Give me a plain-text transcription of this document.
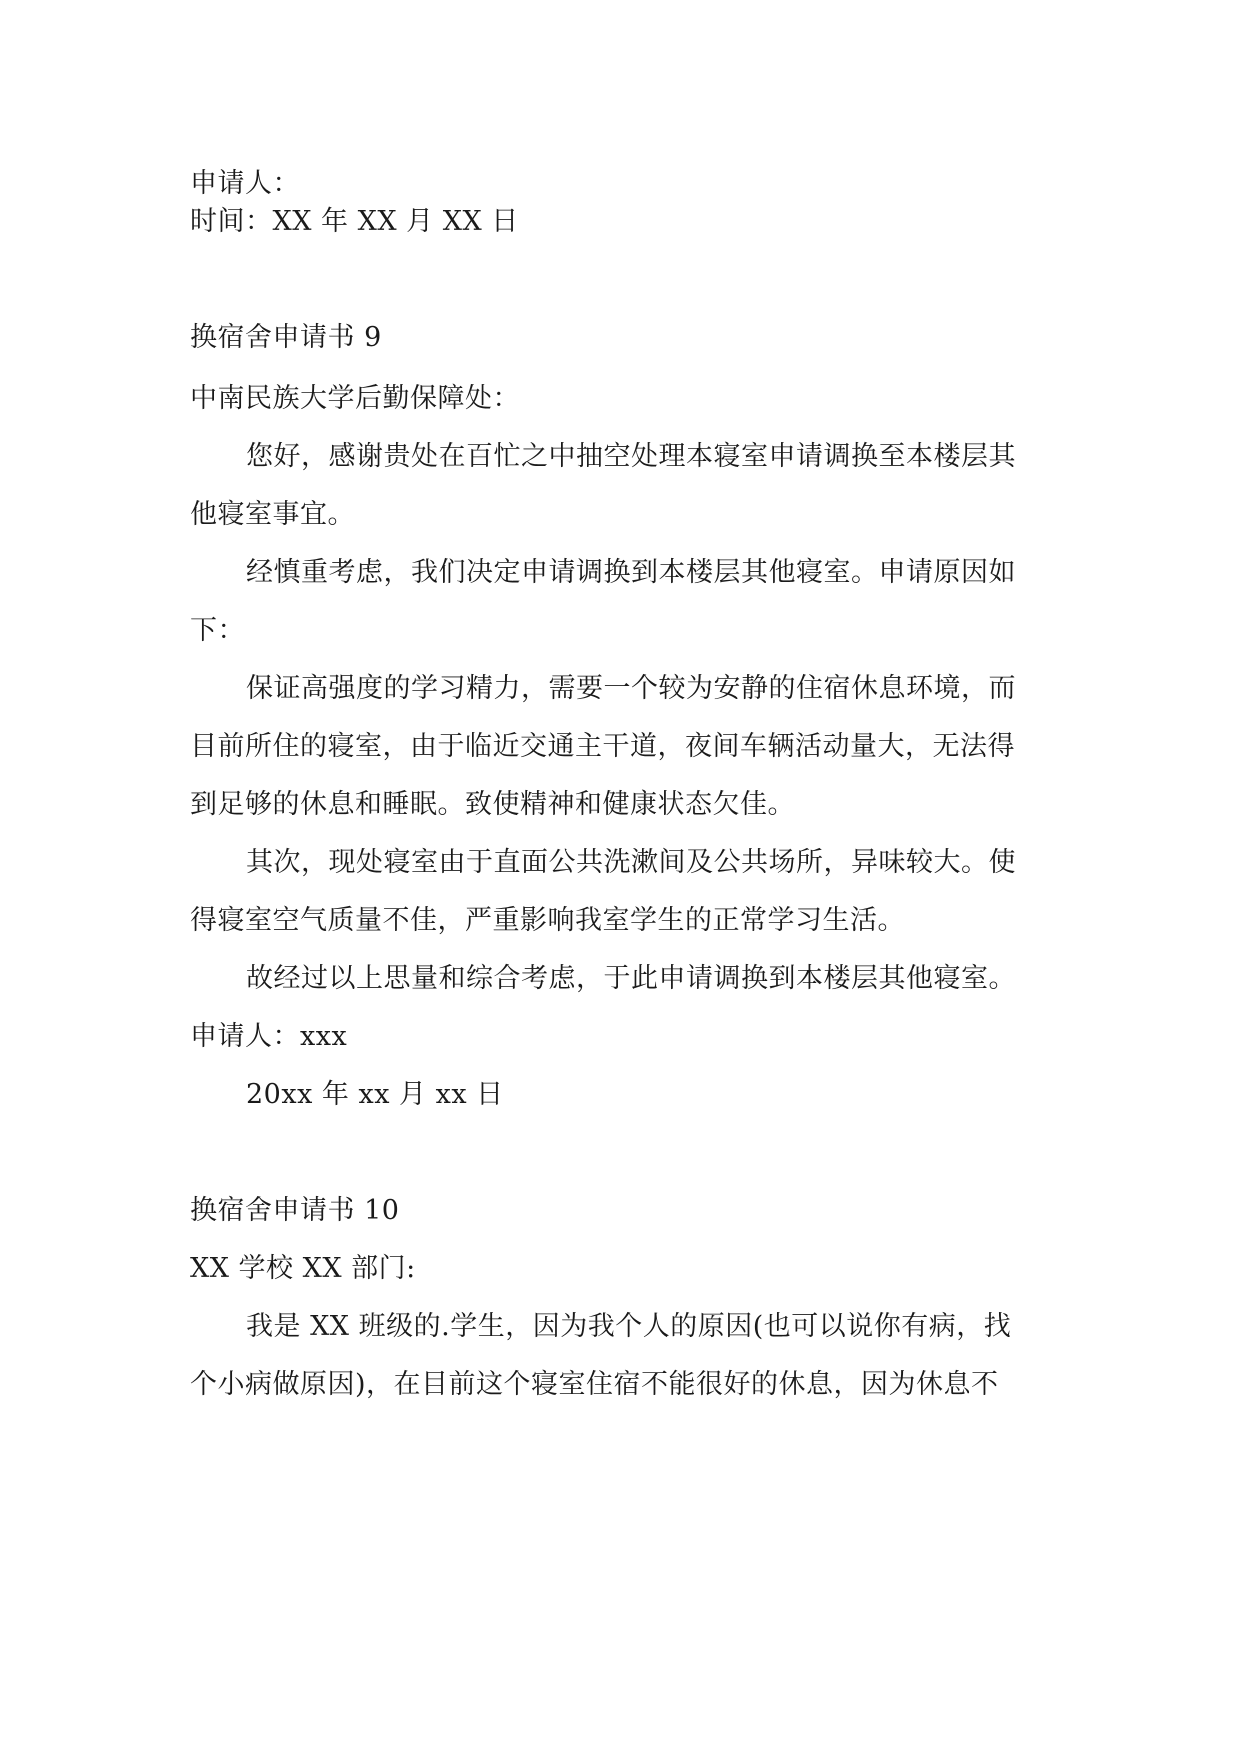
申请人：
时间：XX 年 XX 月 XX 日
换宿舍申请书 9
中南民族大学后勤保障处：
您好，感谢贵处在百忙之中抽空处理本寝室申请调换至本楼层其
他寝室事宜。
经慎重考虑，我们决定申请调换到本楼层其他寝室。申请原因如
下：
保证高强度的学习精力，需要一个较为安静的住宿休息环境，而
目前所住的寝室，由于临近交通主干道，夜间车辆活动量大，无法得
到足够的休息和睡眠。致使精神和健康状态欠佳。
其次，现处寝室由于直面公共洗漱间及公共场所，异味较大。使
得寝室空气质量不佳，严重影响我室学生的正常学习生活。
故经过以上思量和综合考虑，于此申请调换到本楼层其他寝室。
申请人：xxx
20xx 年 xx 月 xx 日
换宿舍申请书 10
XX 学校 XX 部门:
我是 XX 班级的.学生，因为我个人的原因(也可以说你有病，找
个小病做原因)，在目前这个寝室住宿不能很好的休息，因为休息不
